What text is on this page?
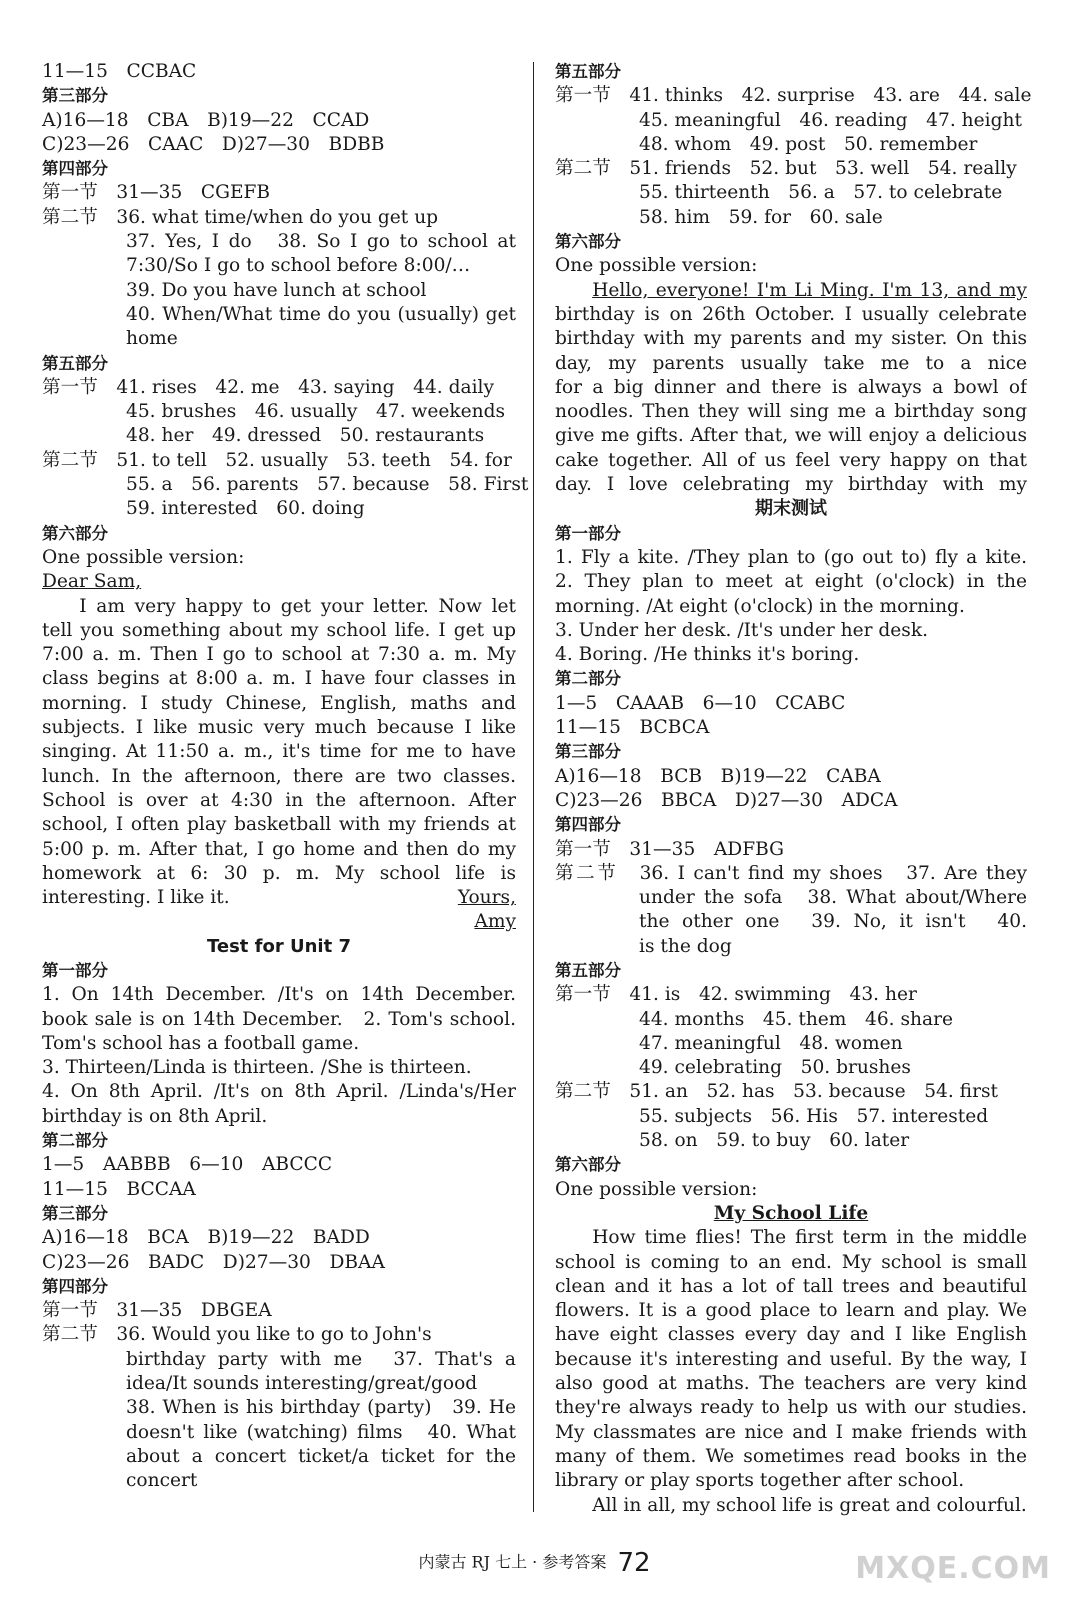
11—15　CCBAC
第三部分
A)16—18　CBA　B)19—22　CCAD
C)23—26　CAAC　D)27—30　BDBB
第四部分
第一节　31—35　CGEFB
第二节　36. what time/when do you get up
37. Yes, I do　38. So I go to school at
7:30/So I go to school before 8:00/…
39. Do you have lunch at school
40. When/What time do you (usually) get
home
第五部分
第一节　41. rises　42. me　43. saying　44. daily
45. brushes　46. usually　47. weekends
48. her　49. dressed　50. restaurants
第二节　51. to tell　52. usually　53. teeth　54. for
55. a　56. parents　57. because　58. First
59. interested　60. doing
第六部分
One possible version:
Dear Sam,
I am very happy to get your letter. Now let
tell you something about my school life. I get up
7:00 a. m. Then I go to school at 7:30 a. m. My
class begins at 8:00 a. m. I have four classes in
morning. I study Chinese, English, maths and
subjects. I like music very much because I like
singing. At 11:50 a. m., it's time for me to have
lunch. In the afternoon, there are two classes.
School is over at 4:30 in the afternoon. After
school, I often play basketball with my friends at
5:00 p. m. After that, I go home and then do my
homework at 6: 30 p. m. My school life is
interesting. I like it.	Yours,
Amy
Test for Unit 7
第一部分
1. On 14th December. /It's on 14th December.
book sale is on 14th December.　2. Tom's school.
Tom's school has a football game.
3. Thirteen/Linda is thirteen. /She is thirteen.
4. On 8th April. /It's on 8th April. /Linda's/Her
birthday is on 8th April.
第二部分
1—5　AABBB　6—10　ABCCC
11—15　BCCAA
第三部分
A)16—18　BCA　B)19—22　BADD
C)23—26　BADC　D)27—30　DBAA
第四部分
第一节　31—35　DBGEA
第二节　36. Would you like to go to John's
birthday party with me　37. That's a
idea/It sounds interesting/great/good
38. When is his birthday (party)　39. He
doesn't like (watching) films　40. What
about a concert ticket/a ticket for the
concert
第五部分
第一节　41. thinks　42. surprise　43. are　44. sale
45. meaningful　46. reading　47. height
48. whom　49. post　50. remember
第二节　51. friends　52. but　53. well　54. really
55. thirteenth　56. a　57. to celebrate
58. him　59. for　60. sale
第六部分
One possible version:
Hello, everyone! I'm Li Ming. I'm 13, and my
birthday is on 26th October. I usually celebrate
birthday with my parents and my sister. On this
day, my parents usually take me to a nice
for a big dinner and there is always a bowl of
noodles. Then they will sing me a birthday song
give me gifts. After that, we will enjoy a delicious
cake together. All of us feel very happy on that
day. I love celebrating my birthday with my
期末测试
第一部分
1. Fly a kite. /They plan to (go out to) fly a kite.
2. They plan to meet at eight (o'clock) in the
morning. /At eight (o'clock) in the morning.
3. Under her desk. /It's under her desk.
4. Boring. /He thinks it's boring.
第二部分
1—5　CAAAB　6—10　CCABC
11—15　BCBCA
第三部分
A)16—18　BCB　B)19—22　CABA
C)23—26　BBCA　D)27—30　ADCA
第四部分
第一节　31—35　ADFBG
第二节　36. I can't find my shoes　37. Are they
under the sofa　38. What about/Where
the other one　39. No, it isn't　40.
is the dog
第五部分
第一节　41. is　42. swimming　43. her
44. months　45. them　46. share
47. meaningful　48. women
49. celebrating　50. brushes
第二节　51. an　52. has　53. because　54. first
55. subjects　56. His　57. interested
58. on　59. to buy　60. later
第六部分
One possible version:
My School Life
How time flies! The first term in the middle
school is coming to an end. My school is small
clean and it has a lot of tall trees and beautiful
flowers. It is a good place to learn and play. We
have eight classes every day and I like English
because it's interesting and useful. By the way, I
also good at maths. The teachers are very kind
they're always ready to help us with our studies.
My classmates are nice and I make friends with
many of them. We sometimes read books in the
library or play sports together after school.
All in all, my school life is great and colourful.
内蒙古 RJ 七上 · 参考答案 72	MXQE.COM
